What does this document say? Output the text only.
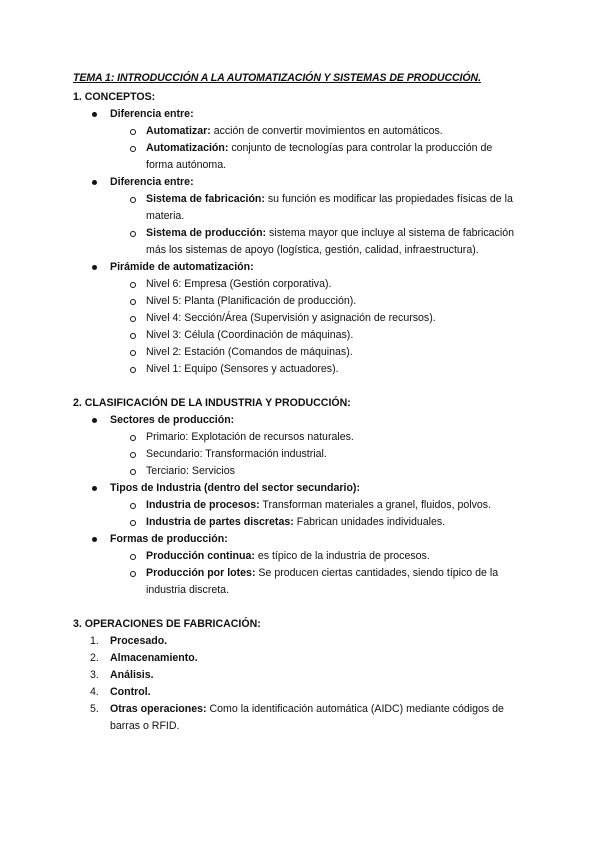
TEMA 1: INTRODUCCIÓN A LA AUTOMATIZACIÓN Y SISTEMAS DE PRODUCCIÓN.
1. CONCEPTOS:
Diferencia entre:
Automatizar: acción de convertir movimientos en automáticos.
Automatización: conjunto de tecnologías para controlar la producción de
forma autónoma.
Diferencia entre:
Sistema de fabricación: su función es modificar las propiedades físicas de la
materia.
Sistema de producción: sistema mayor que incluye al sistema de fabricación
más los sistemas de apoyo (logística, gestión, calidad, infraestructura).
Pirámide de automatización:
Nivel 6: Empresa (Gestión corporativa).
Nivel 5: Planta (Planificación de producción).
Nivel 4: Sección/Área (Supervisión y asignación de recursos).
Nivel 3: Célula (Coordinación de máquinas).
Nivel 2: Estación (Comandos de máquinas).
Nivel 1: Equipo (Sensores y actuadores).
2. CLASIFICACIÓN DE LA INDUSTRIA Y PRODUCCIÓN:
Sectores de producción:
Primario: Explotación de recursos naturales.
Secundario: Transformación industrial.
Terciario: Servicios
Tipos de Industria (dentro del sector secundario):
Industria de procesos: Transforman materiales a granel, fluidos, polvos.
Industria de partes discretas: Fabrican unidades individuales.
Formas de producción:
Producción continua: es típico de la industria de procesos.
Producción por lotes: Se producen ciertas cantidades, siendo típico de la
industria discreta.
3. OPERACIONES DE FABRICACIÓN:
1. Procesado.
2. Almacenamiento.
3. Análisis.
4. Control.
5. Otras operaciones: Como la identificación automática (AIDC) mediante códigos de
barras o RFID.
